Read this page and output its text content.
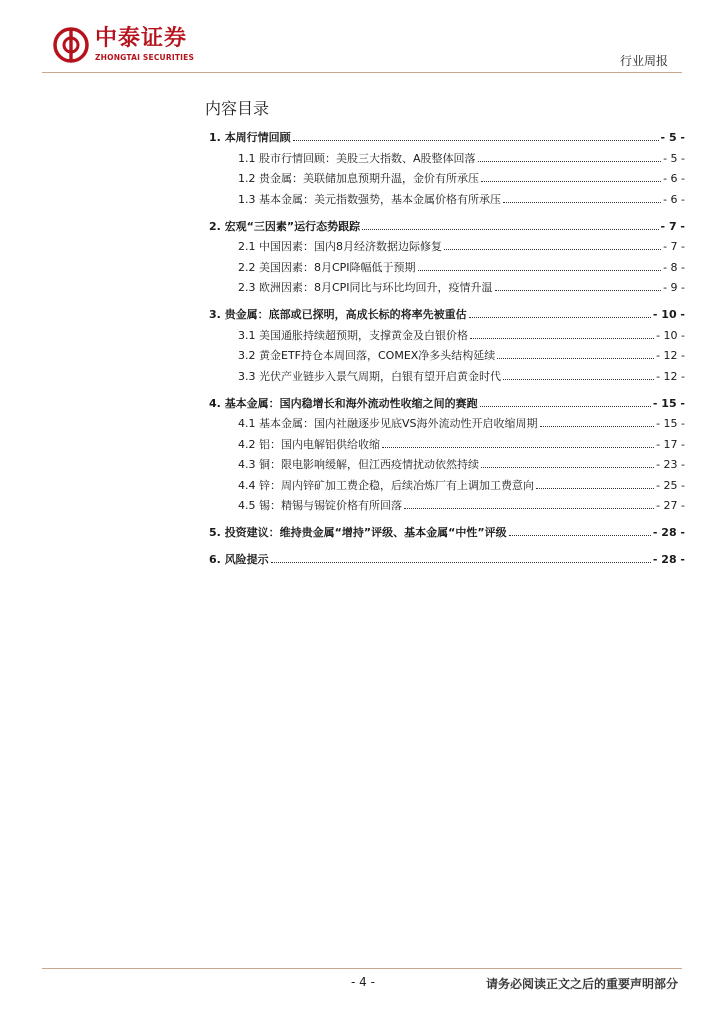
中泰证券
ZHONGTAI SECURITIES	行业周报
内容目录
1. 本周行情回顾	- 5 -
1.1 股市行情回顾：美股三大指数、A股整体回落	- 5 -
1.2 贵金属：美联储加息预期升温，金价有所承压	- 6 -
1.3 基本金属：美元指数强势，基本金属价格有所承压	- 6 -
2. 宏观“三因素”运行态势跟踪	- 7 -
2.1 中国因素：国内8月经济数据边际修复	- 7 -
2.2 美国因素：8月CPI降幅低于预期	- 8 -
2.3 欧洲因素：8月CPI同比与环比均回升，疫情升温	- 9 -
3. 贵金属：底部或已探明，高成长标的将率先被重估	- 10 -
3.1 美国通胀持续超预期，支撑黄金及白银价格	- 10 -
3.2 黄金ETF持仓本周回落，COMEX净多头结构延续	- 12 -
3.3 光伏产业链步入景气周期，白银有望开启黄金时代	- 12 -
4. 基本金属：国内稳增长和海外流动性收缩之间的赛跑	- 15 -
4.1 基本金属：国内社融逐步见底VS海外流动性开启收缩周期	- 15 -
4.2 铝：国内电解铝供给收缩	- 17 -
4.3 铜：限电影响缓解，但江西疫情扰动依然持续	- 23 -
4.4 锌：周内锌矿加工费企稳，后续冶炼厂有上调加工费意向	- 25 -
4.5 锡：精锡与锡锭价格有所回落	- 27 -
5. 投资建议：维持贵金属“增持”评级、基本金属“中性”评级	- 28 -
6. 风险提示	- 28 -
- 4 -	请务必阅读正文之后的重要声明部分
